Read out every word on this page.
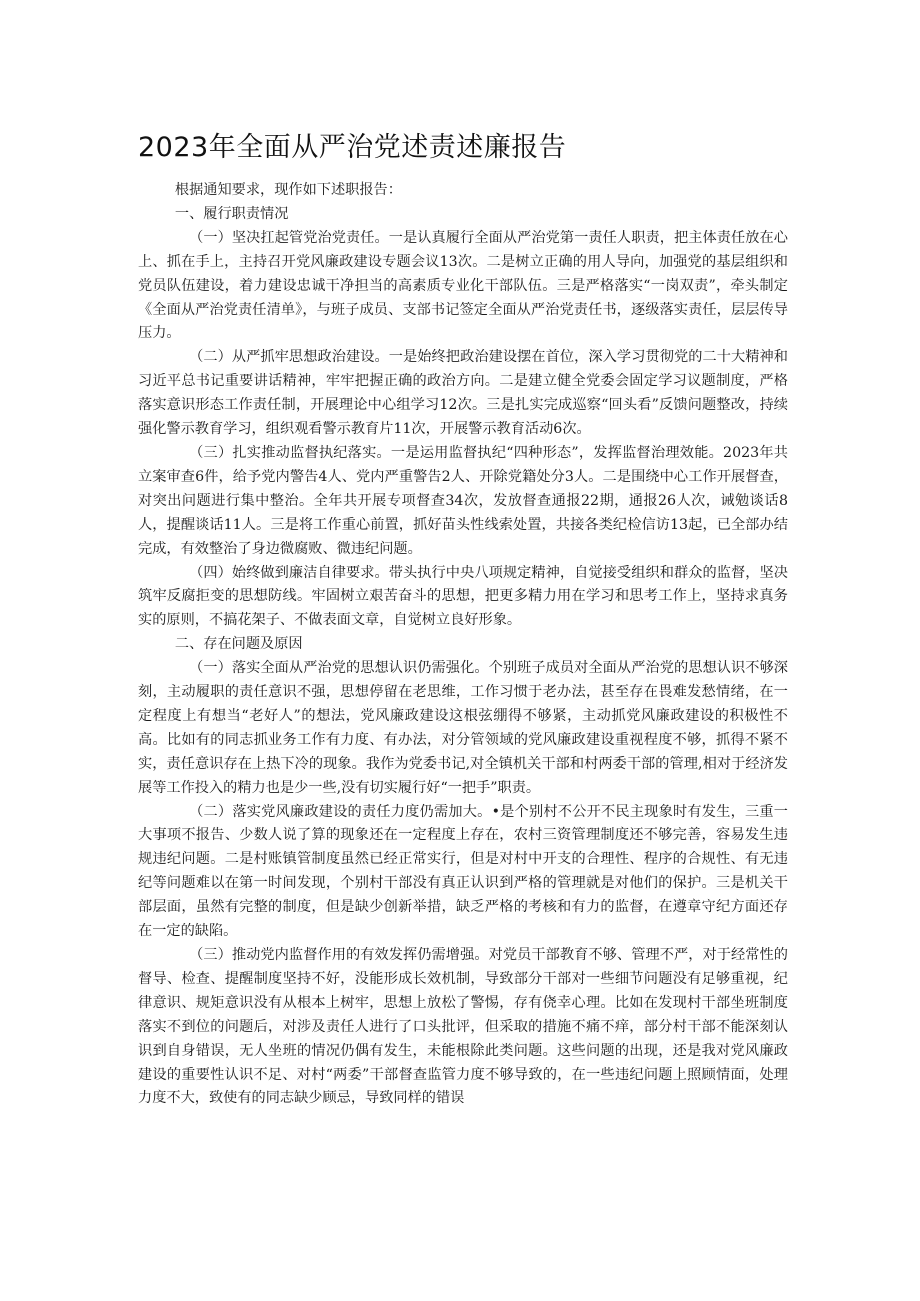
2023年全面从严治党述责述廉报告

根据通知要求，现作如下述职报告：

一、履行职责情况

（一）坚决扛起管党治党责任。一是认真履行全面从严治党第一责任人职责，把主体责任放在心上、抓在手上，主持召开党风廉政建设专题会议13次。二是树立正确的用人导向，加强党的基层组织和党员队伍建设，着力建设忠诚干净担当的高素质专业化干部队伍。三是严格落实“一岗双责”，牵头制定《全面从严治党责任清单》，与班子成员、支部书记签定全面从严治党责任书，逐级落实责任，层层传导压力。

（二）从严抓牢思想政治建设。一是始终把政治建设摆在首位，深入学习贯彻党的二十大精神和习近平总书记重要讲话精神，牢牢把握正确的政治方向。二是建立健全党委会固定学习议题制度，严格落实意识形态工作责任制，开展理论中心组学习12次。三是扎实完成巡察“回头看”反馈问题整改，持续强化警示教育学习，组织观看警示教育片11次，开展警示教育活动6次。

（三）扎实推动监督执纪落实。一是运用监督执纪“四种形态”，发挥监督治理效能。2023年共立案审查6件，给予党内警告4人、党内严重警告2人、开除党籍处分3人。二是围绕中心工作开展督查，对突出问题进行集中整治。全年共开展专项督查34次，发放督查通报22期，通报26人次，诫勉谈话8人，提醒谈话11人。三是将工作重心前置，抓好苗头性线索处置，共接各类纪检信访13起，已全部办结完成，有效整治了身边微腐败、微违纪问题。

（四）始终做到廉洁自律要求。带头执行中央八项规定精神，自觉接受组织和群众的监督，坚决筑牢反腐拒变的思想防线。牢固树立艰苦奋斗的思想，把更多精力用在学习和思考工作上，坚持求真务实的原则，不搞花架子、不做表面文章，自觉树立良好形象。

二、存在问题及原因

（一）落实全面从严治党的思想认识仍需强化。个别班子成员对全面从严治党的思想认识不够深刻，主动履职的责任意识不强，思想停留在老思维，工作习惯于老办法，甚至存在畏难发愁情绪，在一定程度上有想当“老好人”的想法，党风廉政建设这根弦绷得不够紧，主动抓党风廉政建设的积极性不高。比如有的同志抓业务工作有力度、有办法，对分管领域的党风廉政建设重视程度不够，抓得不紧不实，责任意识存在上热下冷的现象。我作为党委书记,对全镇机关干部和村两委干部的管理,相对于经济发展等工作投入的精力也是少一些,没有切实履行好“一把手”职责。

（二）落实党风廉政建设的责任力度仍需加大。•是个别村不公开不民主现象时有发生，三重一大事项不报告、少数人说了算的现象还在一定程度上存在，农村三资管理制度还不够完善，容易发生违规违纪问题。二是村账镇管制度虽然已经正常实行，但是对村中开支的合理性、程序的合规性、有无违纪等问题难以在第一时间发现，个别村干部没有真正认识到严格的管理就是对他们的保护。三是机关干部层面，虽然有完整的制度，但是缺少创新举措，缺乏严格的考核和有力的监督，在遵章守纪方面还存在一定的缺陷。

（三）推动党内监督作用的有效发挥仍需增强。对党员干部教育不够、管理不严，对于经常性的督导、检查、提醒制度坚持不好，没能形成长效机制，导致部分干部对一些细节问题没有足够重视，纪律意识、规矩意识没有从根本上树牢，思想上放松了警惕，存有侥幸心理。比如在发现村干部坐班制度落实不到位的问题后，对涉及责任人进行了口头批评，但采取的措施不痛不痒，部分村干部不能深刻认识到自身错误，无人坐班的情况仍偶有发生，未能根除此类问题。这些问题的出现，还是我对党风廉政建设的重要性认识不足、对村“两委”干部督查监管力度不够导致的，在一些违纪问题上照顾情面，处理力度不大，致使有的同志缺少顾忌，导致同样的错误
